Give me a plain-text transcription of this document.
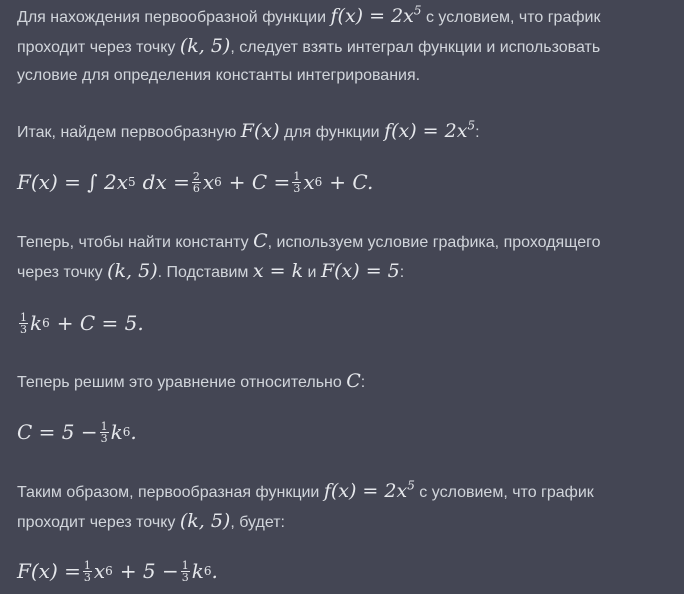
Для нахождения первообразной функции $f(x) = 2x^5$ с условием, что график
проходит через точку (k, 5), следует взять интеграл функции и использовать
условие для определения константы интегрирования.
Итак, найдем первообразную F(x) для функции $f(x) = 2x^5$:
F(x) = ∫ 2x 5 dx = $\frac{2}{6}$ x $6 + C = \frac{1}{3}$ x 6 + C.
Теперь, чтобы найти константу C, используем условие графика, проходящего
через точку (k, 5). Подставим x = k и F(x) = 5:
$\frac{1}{3}$ k 6 + C = 5.
Теперь решим это уравнение относительно C:
$C = 5 - \frac{1}{3}$ k 6 .
Таким образом, первообразная функции $f(x) = 2x^5$ с условием, что график
проходит через точку (k, 5), будет:
$F(x) = \frac{1}{3}$ x $6 + 5 - \frac{1}{3}$ k 6 .
